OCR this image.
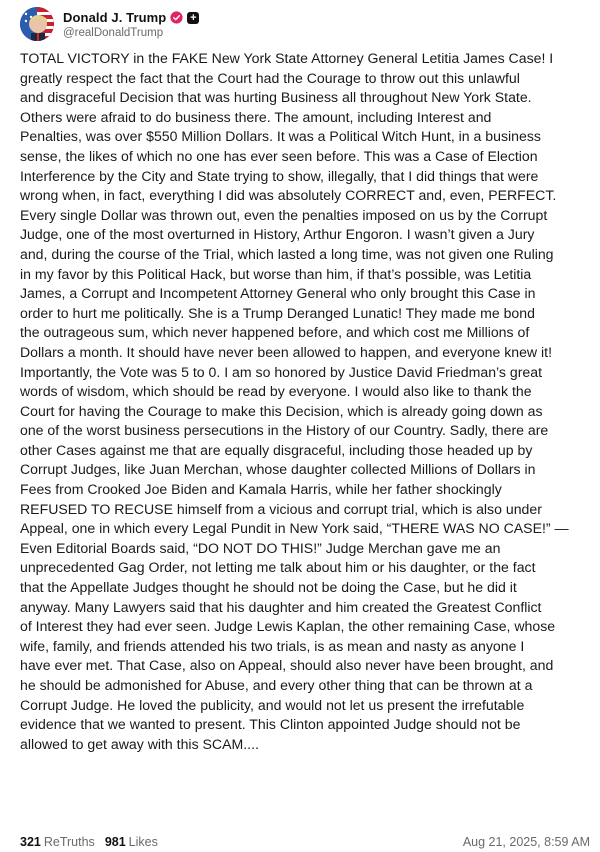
Donald J. Trump +
@realDonaldTrump
TOTAL VICTORY in the FAKE New York State Attorney General Letitia James Case! I
greatly respect the fact that the Court had the Courage to throw out this unlawful
and disgraceful Decision that was hurting Business all throughout New York State.
Others were afraid to do business there. The amount, including Interest and
Penalties, was over $550 Million Dollars. It was a Political Witch Hunt, in a business
sense, the likes of which no one has ever seen before. This was a Case of Election
Interference by the City and State trying to show, illegally, that I did things that were
wrong when, in fact, everything I did was absolutely CORRECT and, even, PERFECT.
Every single Dollar was thrown out, even the penalties imposed on us by the Corrupt
Judge, one of the most overturned in History, Arthur Engoron. I wasn’t given a Jury
and, during the course of the Trial, which lasted a long time, was not given one Ruling
in my favor by this Political Hack, but worse than him, if that’s possible, was Letitia
James, a Corrupt and Incompetent Attorney General who only brought this Case in
order to hurt me politically. She is a Trump Deranged Lunatic! They made me bond
the outrageous sum, which never happened before, and which cost me Millions of
Dollars a month. It should have never been allowed to happen, and everyone knew it!
Importantly, the Vote was 5 to 0. I am so honored by Justice David Friedman’s great
words of wisdom, which should be read by everyone. I would also like to thank the
Court for having the Courage to make this Decision, which is already going down as
one of the worst business persecutions in the History of our Country. Sadly, there are
other Cases against me that are equally disgraceful, including those headed up by
Corrupt Judges, like Juan Merchan, whose daughter collected Millions of Dollars in
Fees from Crooked Joe Biden and Kamala Harris, while her father shockingly
REFUSED TO RECUSE himself from a vicious and corrupt trial, which is also under
Appeal, one in which every Legal Pundit in New York said, “THERE WAS NO CASE!” —
Even Editorial Boards said, “DO NOT DO THIS!” Judge Merchan gave me an
unprecedented Gag Order, not letting me talk about him or his daughter, or the fact
that the Appellate Judges thought he should not be doing the Case, but he did it
anyway. Many Lawyers said that his daughter and him created the Greatest Conflict
of Interest they had ever seen. Judge Lewis Kaplan, the other remaining Case, whose
wife, family, and friends attended his two trials, is as mean and nasty as anyone I
have ever met. That Case, also on Appeal, should also never have been brought, and
he should be admonished for Abuse, and every other thing that can be thrown at a
Corrupt Judge. He loved the publicity, and would not let us present the irrefutable
evidence that we wanted to present. This Clinton appointed Judge should not be
allowed to get away with this SCAM....
321 ReTruths 981 Likes	Aug 21, 2025, 8:59 AM
